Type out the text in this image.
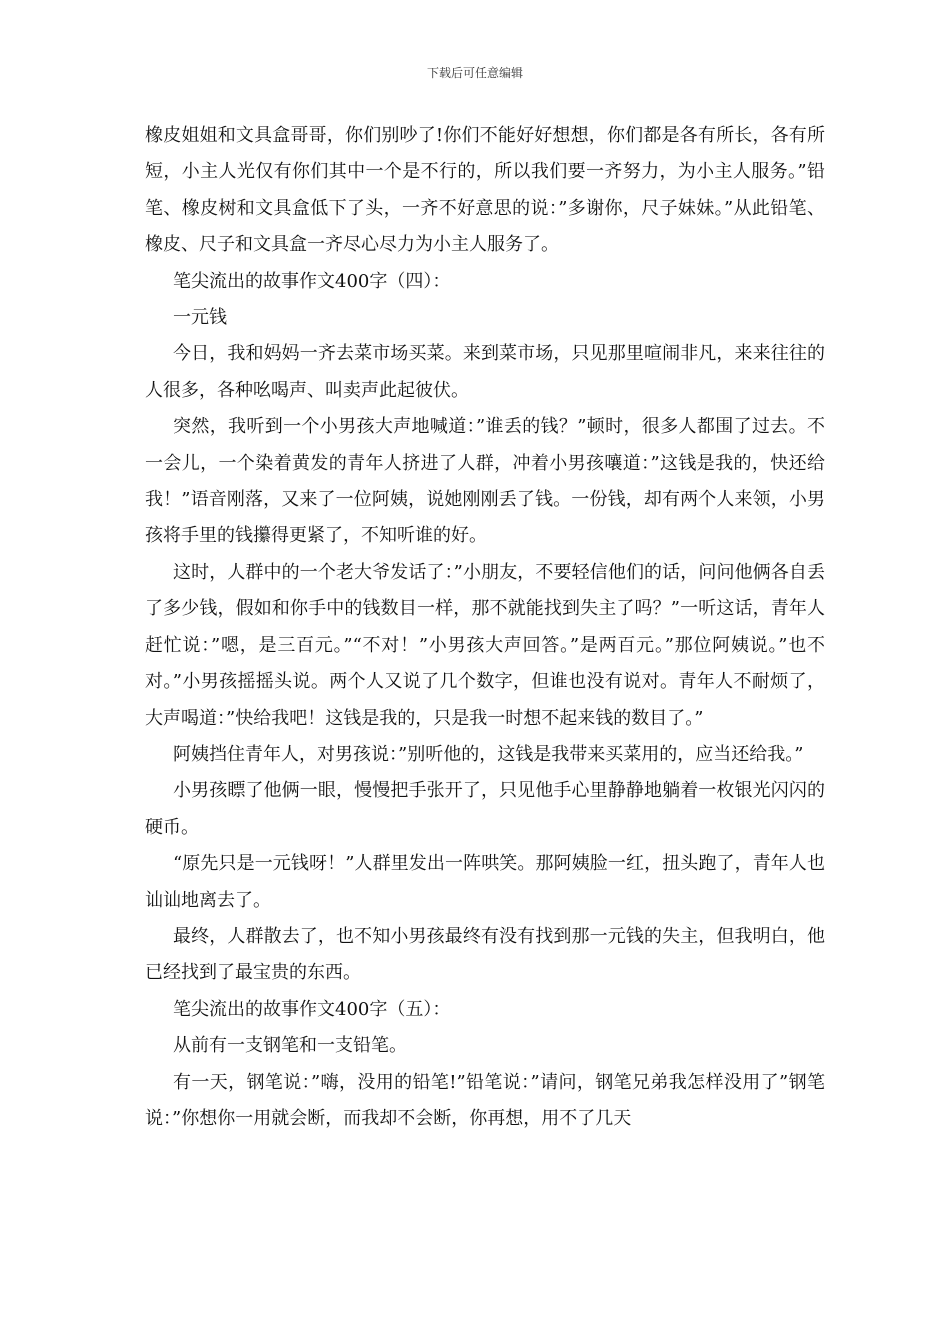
下载后可任意编辑

橡皮姐姐和文具盒哥哥，你们别吵了!你们不能好好想想，你们都是各有所长，各有所短，小主人光仅有你们其中一个是不行的，所以我们要一齐努力，为小主人服务。”铅笔、橡皮树和文具盒低下了头，一齐不好意思的说：”多谢你，尺子妹妹。”从此铅笔、橡皮、尺子和文具盒一齐尽心尽力为小主人服务了。

笔尖流出的故事作文400字（四）：

一元钱

今日，我和妈妈一齐去菜市场买菜。来到菜市场，只见那里喧闹非凡，来来往往的人很多，各种吆喝声、叫卖声此起彼伏。

突然，我听到一个小男孩大声地喊道：”谁丢的钱？”顿时，很多人都围了过去。不一会儿，一个染着黄发的青年人挤进了人群，冲着小男孩嚷道：”这钱是我的，快还给我！”语音刚落，又来了一位阿姨，说她刚刚丢了钱。一份钱，却有两个人来领，小男孩将手里的钱攥得更紧了，不知听谁的好。

这时，人群中的一个老大爷发话了：”小朋友，不要轻信他们的话，问问他俩各自丢了多少钱，假如和你手中的钱数目一样，那不就能找到失主了吗？”一听这话，青年人赶忙说：”嗯，是三百元。”“不对！”小男孩大声回答。”是两百元。”那位阿姨说。”也不对。”小男孩摇摇头说。两个人又说了几个数字，但谁也没有说对。青年人不耐烦了，大声喝道：”快给我吧！这钱是我的，只是我一时想不起来钱的数目了。”

阿姨挡住青年人，对男孩说：”别听他的，这钱是我带来买菜用的，应当还给我。”

小男孩瞟了他俩一眼，慢慢把手张开了，只见他手心里静静地躺着一枚银光闪闪的硬币。

“原先只是一元钱呀！”人群里发出一阵哄笑。那阿姨脸一红，扭头跑了，青年人也讪讪地离去了。

最终，人群散去了，也不知小男孩最终有没有找到那一元钱的失主，但我明白，他已经找到了最宝贵的东西。

笔尖流出的故事作文400字（五）：

从前有一支钢笔和一支铅笔。

有一天，钢笔说：”嗨，没用的铅笔!”铅笔说：”请问，钢笔兄弟我怎样没用了”钢笔说：”你想你一用就会断，而我却不会断，你再想，用不了几天
